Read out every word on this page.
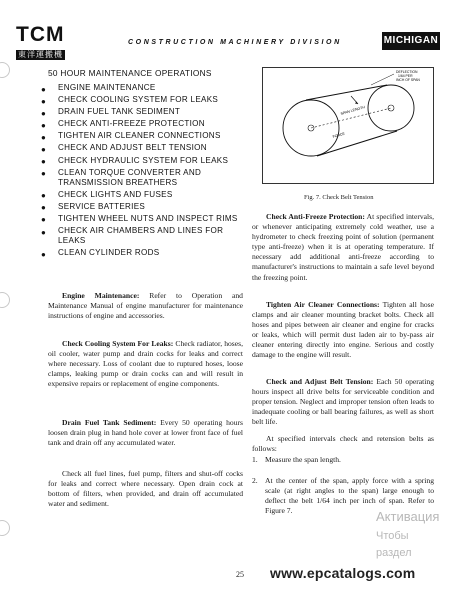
TCM
東洋運搬機
CONSTRUCTION MACHINERY DIVISION	MICHIGAN
50 HOUR MAINTENANCE OPERATIONS
● ENGINE MAINTENANCE
● CHECK COOLING SYSTEM FOR LEAKS
● DRAIN FUEL TANK SEDIMENT
● CHECK ANTI-FREEZE PROTECTION
● TIGHTEN AIR CLEANER CONNECTIONS
● CHECK AND ADJUST BELT TENSION
● CHECK HYDRAULIC SYSTEM FOR LEAKS
● CLEAN TORQUE CONVERTER AND TRANSMISSION BREATHERS
● CHECK LIGHTS AND FUSES
● SERVICE BATTERIES
● TIGHTEN WHEEL NUTS AND INSPECT RIMS
● CHECK AIR CHAMBERS AND LINES FOR LEAKS
● CLEAN CYLINDER RODS
DEFLECTION
1/64 PER
INCH OF SPAN
SPAN LENGTH
FORCE
Fig. 7. Check Belt Tension

Engine Maintenance: Refer to Operation and Maintenance Manual of engine manufacturer for maintenance instructions of engine and accessories.

Check Cooling System For Leaks: Check radiator, hoses, oil cooler, water pump and drain cocks for leaks and correct where necessary. Loss of coolant due to ruptured hoses, loose clamps, leaking pump or drain cocks can and will result in expensive repairs or replacement of engine components.

Drain Fuel Tank Sediment: Every 50 operating hours loosen drain plug in hand hole cover at lower front face of fuel tank and drain off any accumulated water.

Check all fuel lines, fuel pump, filters and shut-off cocks for leaks and correct where necessary. Open drain cock at bottom of filters, when provided, and drain off accumulated water and sediment.

Check Anti-Freeze Protection: At specified intervals, or whenever anticipating extremely cold weather, use a hydrometer to check freezing point of solution (permanent type anti-freeze) when it is at operating temperature. If necessary add additional anti-freeze according to manufacturer's instructions to maintain a safe level beyond the freezing point.

Tighten Air Cleaner Connections: Tighten all hose clamps and air cleaner mounting bracket bolts. Check all hoses and pipes between air cleaner and engine for cracks or leaks, which will permit dust laden air to by-pass air cleaner entering directly into engine. Serious and costly damage to the engine will result.

Check and Adjust Belt Tension: Each 50 operating hours inspect all drive belts for serviceable condition and proper tension. Neglect and improper tension often leads to inadequate cooling or ball bearing failures, as well as short belt life.

At specified intervals check and retension belts as follows:

1. Measure the span length.
2. At the center of the span, apply force with a spring scale (at right angles to the span) large enough to deflect the belt 1/64 inch per inch of span. Refer to Figure 7.
25 www.epcatalogs.com
Активация
Чтобы
раздел
